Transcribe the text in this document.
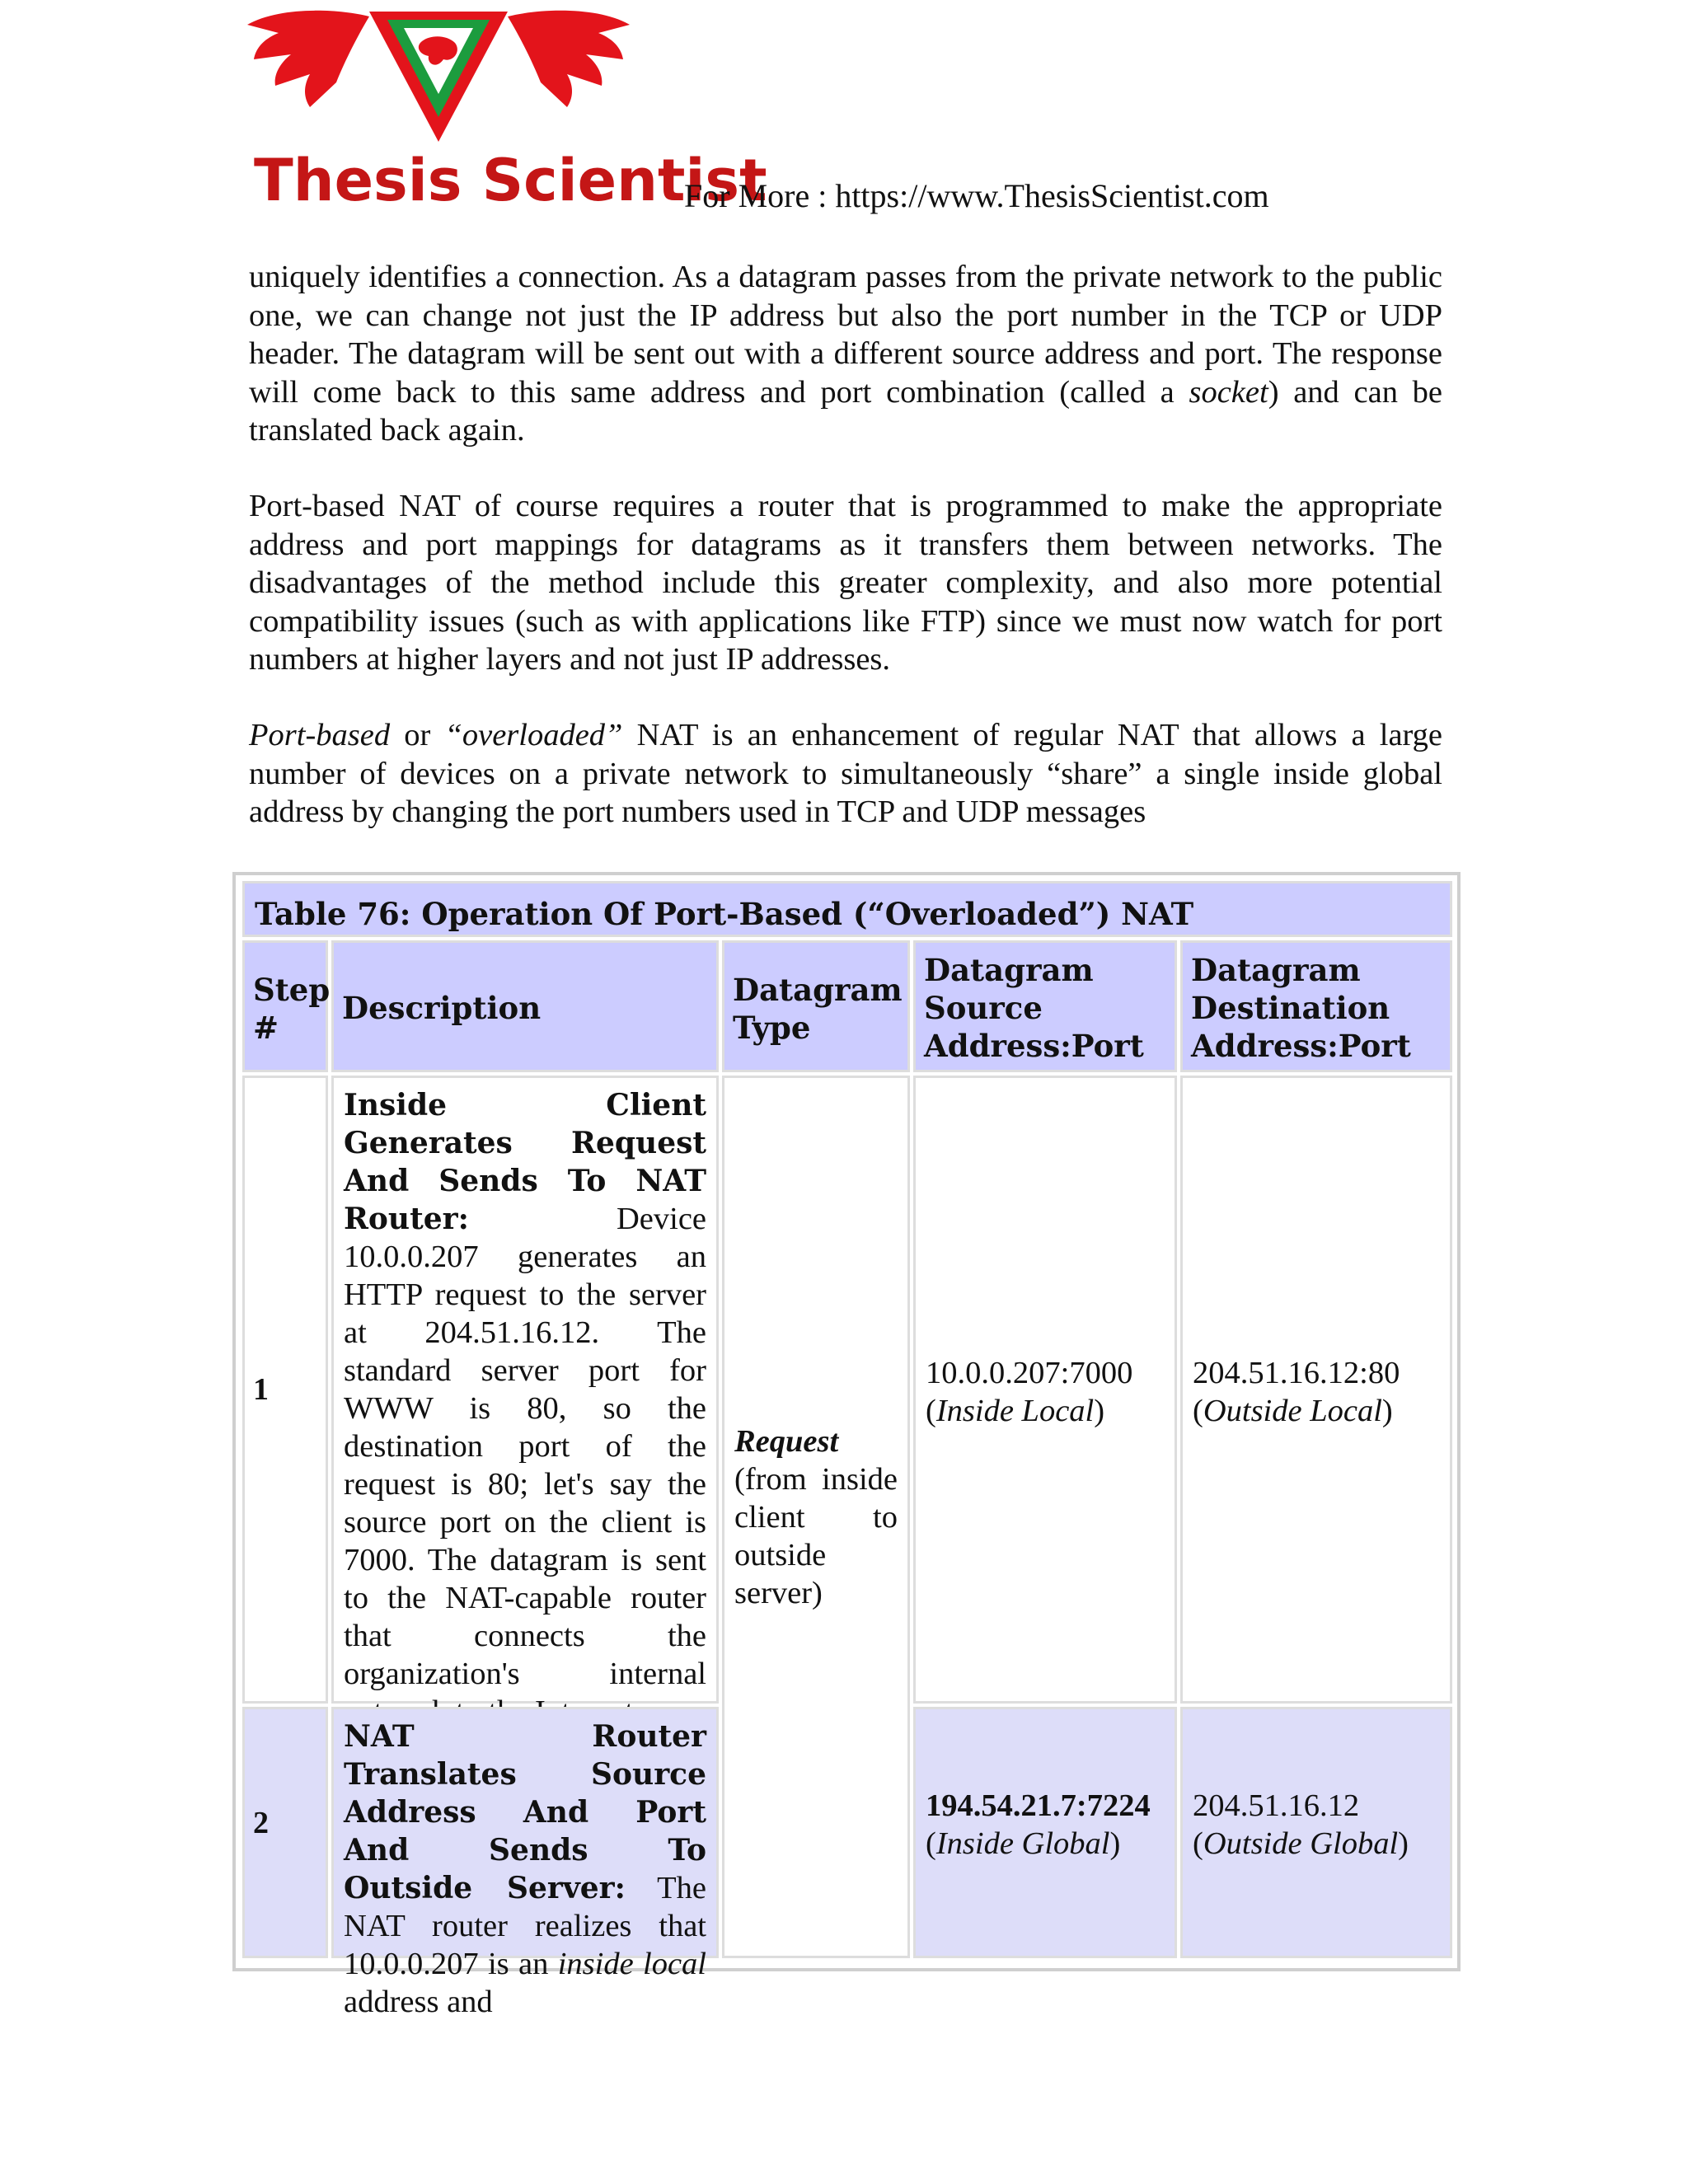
Thesis Scientist
For More : https://www.ThesisScientist.com

uniquely identifies a connection. As a datagram passes from the private network to the public one, we can change not just the IP address but also the port number in the TCP or UDP header. The datagram will be sent out with a different source address and port. The response will come back to this same address and port combination (called a socket) and can be translated back again.

Port-based NAT of course requires a router that is programmed to make the appropriate address and port mappings for datagrams as it transfers them between networks. The disadvantages of the method include this greater complexity, and also more potential compatibility issues (such as with applications like FTP) since we must now watch for port numbers at higher layers and not just IP addresses.

Port-based or “overloaded” NAT is an enhancement of regular NAT that allows a large number of devices on a private network to simultaneously “share” a single inside global address by changing the port numbers used in TCP and UDP messages

Table 76: Operation Of Port-Based (“Overloaded”) NAT
Step
#
Description	Datagram
Type
Datagram
Source
Address:Port
Datagram
Destination
Address:Port
1
Inside Client Generates Request And Sends To NAT Router:	Device 10.0.0.207 generates an HTTP request to the server at 204.51.16.12. The standard server port for WWW is 80, so the destination port of the request is 80; let's say the source port on the client is 7000. The datagram is sent to the NAT-capable router that connects the organization's internal
10.0.0.207:7000
(Inside Local)
204.51.16.12:80
(Outside Local)
Request
(from inside client to outside server)
2
NAT Router Translates Source Address And Port And Sends To Outside Server: The NAT router realizes that 10.0.0.207 is an inside local address and
194.54.21.7:7224
(Inside Global)
204.51.16.12
(Outside Global)
